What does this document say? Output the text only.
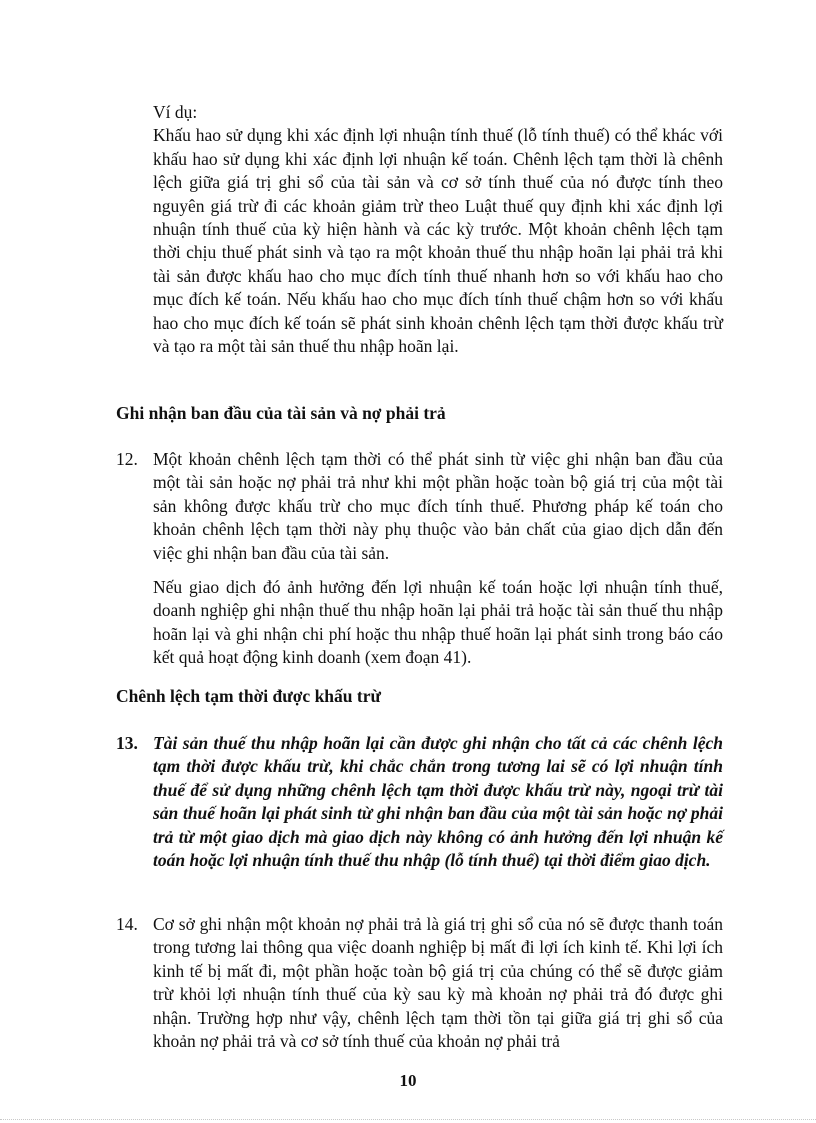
Ví dụ:

Khấu hao sử dụng khi xác định lợi nhuận tính thuế (lỗ tính thuế) có thể khác với khấu hao sử dụng khi xác định lợi nhuận kế toán. Chênh lệch tạm thời là chênh lệch giữa giá trị ghi sổ của tài sản và cơ sở tính thuế của nó được tính theo nguyên giá trừ đi các khoản giảm trừ theo Luật thuế quy định khi xác định lợi nhuận tính thuế của kỳ hiện hành và các kỳ trước. Một khoản chênh lệch tạm thời chịu thuế phát sinh và tạo ra một khoản thuế thu nhập hoãn lại phải trả khi tài sản được khấu hao cho mục đích tính thuế nhanh hơn so với khấu hao cho mục đích kế toán. Nếu khấu hao cho mục đích tính thuế chậm hơn so với khấu hao cho mục đích kế toán sẽ phát sinh khoản chênh lệch tạm thời được khấu trừ và tạo ra một tài sản thuế thu nhập hoãn lại.

Ghi nhận ban đầu của tài sản và nợ phải trả

12. Một khoản chênh lệch tạm thời có thể phát sinh từ việc ghi nhận ban đầu của một tài sản hoặc nợ phải trả như khi một phần hoặc toàn bộ giá trị của một tài sản không được khấu trừ cho mục đích tính thuế. Phương pháp kế toán cho khoản chênh lệch tạm thời này phụ thuộc vào bản chất của giao dịch dẫn đến việc ghi nhận ban đầu của tài sản.

Nếu giao dịch đó ảnh hưởng đến lợi nhuận kế toán hoặc lợi nhuận tính thuế, doanh nghiệp ghi nhận thuế thu nhập hoãn lại phải trả hoặc tài sản thuế thu nhập hoãn lại và ghi nhận chi phí hoặc thu nhập thuế hoãn lại phát sinh trong báo cáo kết quả hoạt động kinh doanh (xem đoạn 41).

Chênh lệch tạm thời được khấu trừ

13. Tài sản thuế thu nhập hoãn lại cần được ghi nhận cho tất cả các chênh lệch tạm thời được khấu trừ, khi chắc chắn trong tương lai sẽ có lợi nhuận tính thuế để sử dụng những chênh lệch tạm thời được khấu trừ này, ngoại trừ tài sản thuế hoãn lại phát sinh từ ghi nhận ban đầu của một tài sản hoặc nợ phải trả từ một giao dịch mà giao dịch này không có ảnh hưởng đến lợi nhuận kế toán hoặc lợi nhuận tính thuế thu nhập (lỗ tính thuế) tại thời điểm giao dịch.
14. Cơ sở ghi nhận một khoản nợ phải trả là giá trị ghi sổ của nó sẽ được thanh toán trong tương lai thông qua việc doanh nghiệp bị mất đi lợi ích kinh tế. Khi lợi ích kinh tế bị mất đi, một phần hoặc toàn bộ giá trị của chúng có thể sẽ được giảm trừ khỏi lợi nhuận tính thuế của kỳ sau kỳ mà khoản nợ phải trả đó được ghi nhận. Trường hợp như vậy, chênh lệch tạm thời tồn tại giữa giá trị ghi sổ của khoản nợ phải trả và cơ sở tính thuế của khoản nợ phải trả
10
